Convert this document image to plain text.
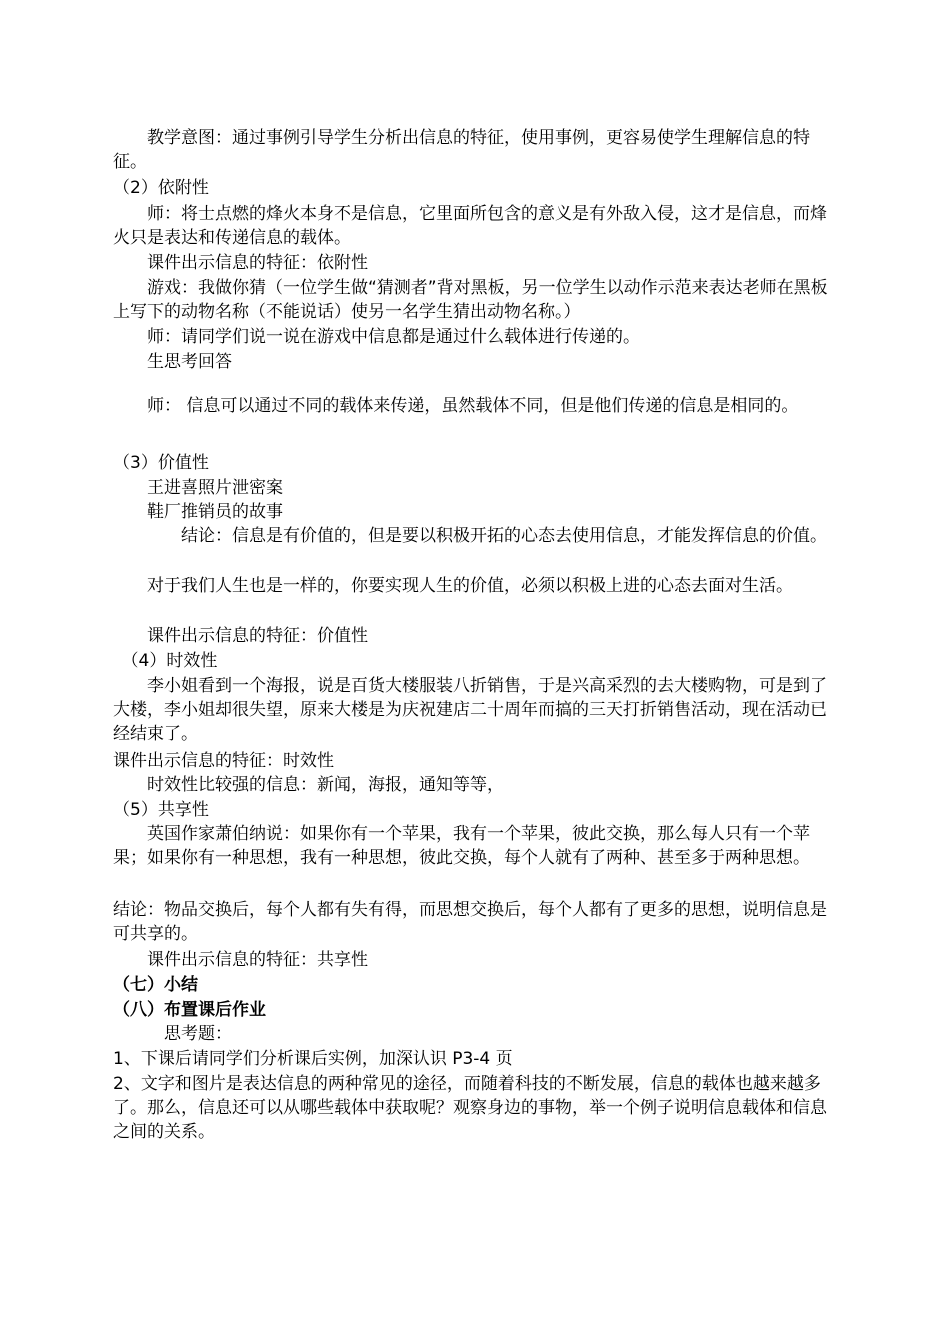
　　教学意图：通过事例引导学生分析出信息的特征，使用事例，更容易使学生理解信息的特征。
（2）依附性
　　师：将士点燃的烽火本身不是信息，它里面所包含的意义是有外敌入侵，这才是信息，而烽火只是表达和传递信息的载体。
　　课件出示信息的特征：依附性
　　游戏：我做你猜（一位学生做“猜测者”背对黑板，另一位学生以动作示范来表达老师在黑板上写下的动物名称（不能说话）使另一名学生猜出动物名称。）
　　师：请同学们说一说在游戏中信息都是通过什么载体进行传递的。
　　生思考回答
　　师： 信息可以通过不同的载体来传递，虽然载体不同，但是他们传递的信息是相同的。
（3）价值性
　　王进喜照片泄密案
　　鞋厂推销员的故事
　　　　结论：信息是有价值的，但是要以积极开拓的心态去使用信息，才能发挥信息的价值。
　　对于我们人生也是一样的，你要实现人生的价值，必须以积极上进的心态去面对生活。
　　课件出示信息的特征：价值性
　（4）时效性
　　李小姐看到一个海报，说是百货大楼服装八折销售，于是兴高采烈的去大楼购物，可是到了大楼，李小姐却很失望，原来大楼是为庆祝建店二十周年而搞的三天打折销售活动，现在活动已经结束了。
课件出示信息的特征：时效性
　　时效性比较强的信息：新闻，海报，通知等等，
（5）共享性
　　英国作家萧伯纳说：如果你有一个苹果，我有一个苹果，彼此交换，那么每人只有一个苹果；如果你有一种思想，我有一种思想，彼此交换，每个人就有了两种、甚至多于两种思想。
结论：物品交换后，每个人都有失有得，而思想交换后，每个人都有了更多的思想，说明信息是可共享的。
　　课件出示信息的特征：共享性
（七）小结
（八）布置课后作业
　　　思考题：
1、下课后请同学们分析课后实例，加深认识 P3-4 页
2、文字和图片是表达信息的两种常见的途径，而随着科技的不断发展，信息的载体也越来越多了。那么，信息还可以从哪些载体中获取呢？观察身边的事物，举一个例子说明信息载体和信息之间的关系。
